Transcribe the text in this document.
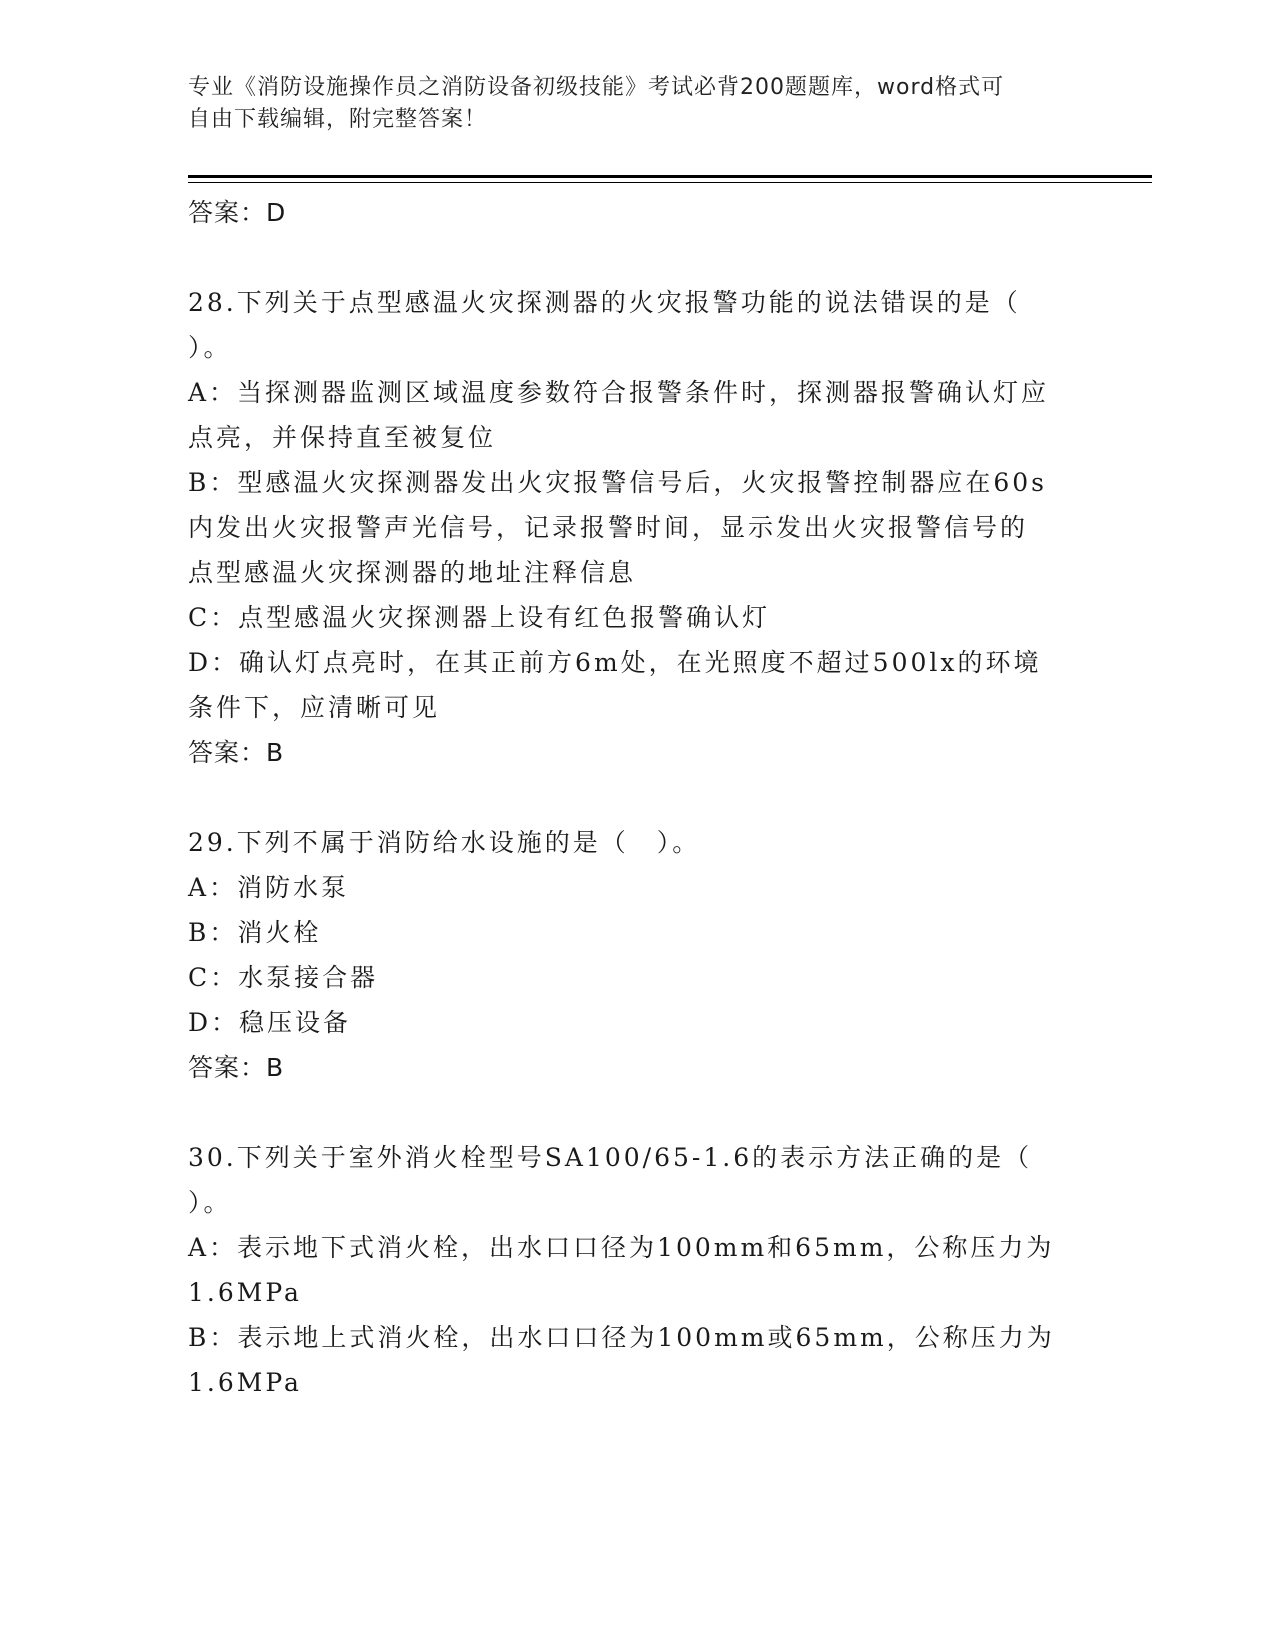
专业《消防设施操作员之消防设备初级技能》考试必背200题题库，word格式可
自由下载编辑，附完整答案！
答案：D
28.下列关于点型感温火灾探测器的火灾报警功能的说法错误的是（
）。
A：当探测器监测区域温度参数符合报警条件时，探测器报警确认灯应
点亮，并保持直至被复位
B：型感温火灾探测器发出火灾报警信号后，火灾报警控制器应在60s
内发出火灾报警声光信号，记录报警时间，显示发出火灾报警信号的
点型感温火灾探测器的地址注释信息
C：点型感温火灾探测器上设有红色报警确认灯
D：确认灯点亮时，在其正前方6m处，在光照度不超过500lx的环境
条件下，应清晰可见
答案：B
29.下列不属于消防给水设施的是（　）。
A：消防水泵
B：消火栓
C：水泵接合器
D：稳压设备
答案：B
30.下列关于室外消火栓型号SA100/65-1.6的表示方法正确的是（
）。
A：表示地下式消火栓，出水口口径为100mm和65mm，公称压力为
1.6MPa
B：表示地上式消火栓，出水口口径为100mm或65mm，公称压力为
1.6MPa
